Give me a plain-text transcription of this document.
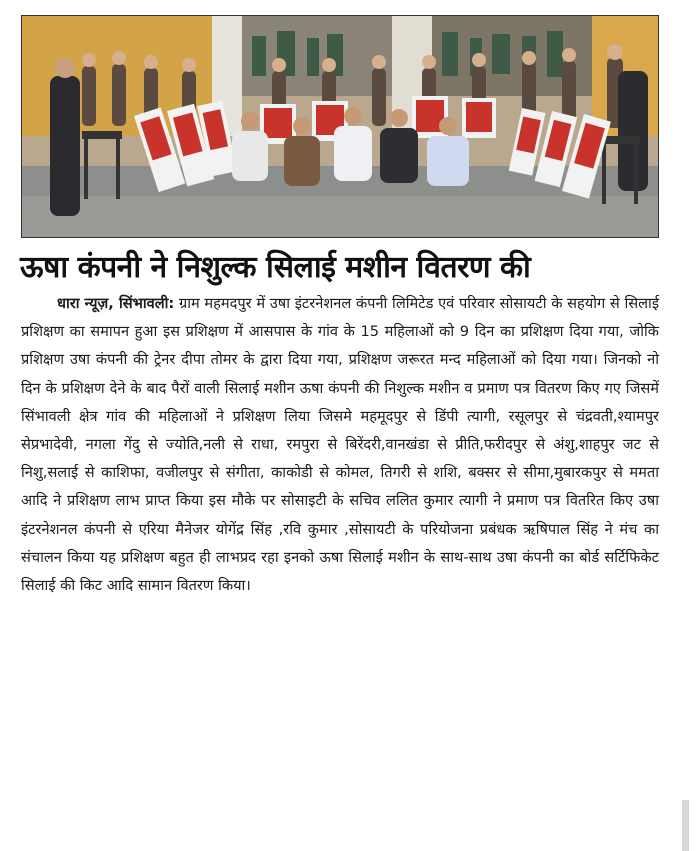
ऊषा कंपनी ने निशुल्क सिलाई मशीन वितरण की
धारा न्यूज़, सिंभावली: ग्राम महमदपुर में उषा इंटरनेशनल कंपनी लिमिटेड एवं परिवार सोसायटी के सहयोग से सिलाई प्रशिक्षण का समापन हुआ इस प्रशिक्षण में आसपास के गांव के 15 महिलाओं को 9 दिन का प्रशिक्षण दिया गया, जोकि प्रशिक्षण उषा कंपनी की ट्रेनर दीपा तोमर के द्वारा दिया गया, प्रशिक्षण जरूरत मन्द महिलाओं को दिया गया। जिनको नो दिन के प्रशिक्षण देने के बाद पैरों वाली सिलाई मशीन ऊषा कंपनी की निशुल्क मशीन व प्रमाण पत्र वितरण किए गए जिसमें सिंभावली क्षेत्र गांव की महिलाओं ने प्रशिक्षण लिया जिसमे महमूदपुर से डिंपी त्यागी, रसूलपुर से चंद्रवती,श्यामपुर सेप्रभादेवी, नगला गेंदु से ज्योति,नली से राधा, रमपुरा से बिरेंदरी,वानखंडा से प्रीति,फरीदपुर से अंशु,शाहपुर जट से निशु,सलाई से काशिफा, वजीलपुर से संगीता, काकोडी से कोमल, तिगरी से शशि, बक्सर से सीमा,मुबारकपुर से ममता आदि ने प्रशिक्षण लाभ प्राप्त किया इस मौके पर सोसाइटी के सचिव ललित कुमार त्यागी ने प्रमाण पत्र वितरित किए उषा इंटरनेशनल कंपनी से एरिया मैनेजर योगेंद्र सिंह ,रवि कुमार ,सोसायटी के परियोजना प्रबंधक ऋषिपाल सिंह ने मंच का संचालन किया यह प्रशिक्षण बहुत ही लाभप्रद रहा इनको ऊषा सिलाई मशीन के साथ-साथ उषा कंपनी का बोर्ड सर्टिफिकेट सिलाई की किट आदि सामान वितरण किया।
